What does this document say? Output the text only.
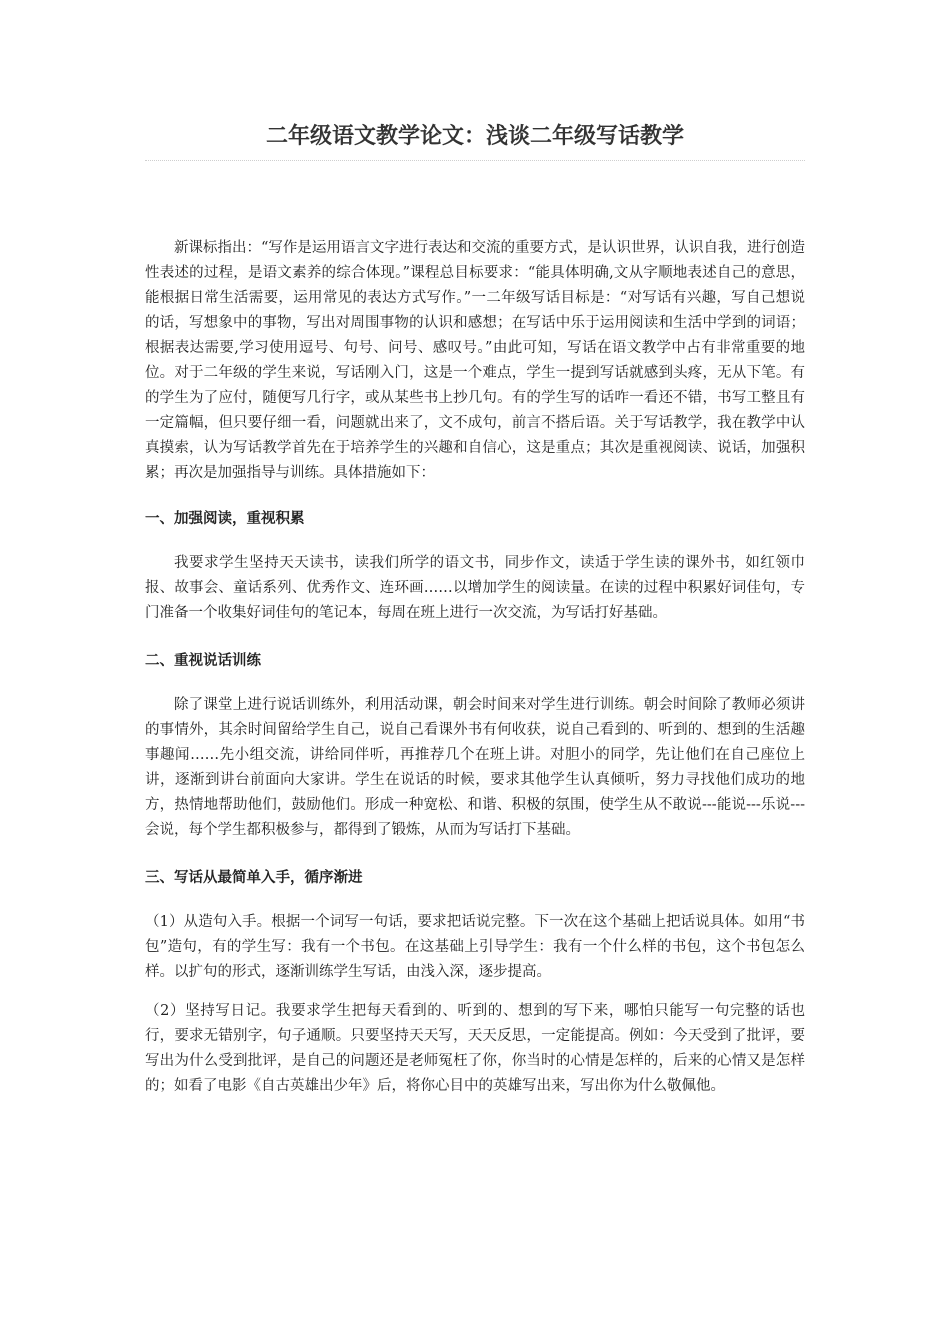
二年级语文教学论文：浅谈二年级写话教学

新课标指出：“写作是运用语言文字进行表达和交流的重要方式，是认识世界，认识自我，进行创造性表述的过程，是语文素养的综合体现。”课程总目标要求：“能具体明确,文从字顺地表述自己的意思，能根据日常生活需要，运用常见的表达方式写作。”一二年级写话目标是：“对写话有兴趣，写自己想说的话，写想象中的事物，写出对周围事物的认识和感想；在写话中乐于运用阅读和生活中学到的词语；根据表达需要,学习使用逗号、句号、问号、感叹号。”由此可知，写话在语文教学中占有非常重要的地位。对于二年级的学生来说，写话刚入门，这是一个难点，学生一提到写话就感到头疼，无从下笔。有的学生为了应付，随便写几行字，或从某些书上抄几句。有的学生写的话咋一看还不错，书写工整且有一定篇幅，但只要仔细一看，问题就出来了，文不成句，前言不搭后语。关于写话教学，我在教学中认真摸索，认为写话教学首先在于培养学生的兴趣和自信心，这是重点；其次是重视阅读、说话，加强积累；再次是加强指导与训练。具体措施如下：

一、加强阅读，重视积累

我要求学生坚持天天读书，读我们所学的语文书，同步作文，读适于学生读的课外书，如红领巾报、故事会、童话系列、优秀作文、连环画……以增加学生的阅读量。在读的过程中积累好词佳句，专门准备一个收集好词佳句的笔记本，每周在班上进行一次交流，为写话打好基础。

二、重视说话训练

除了课堂上进行说话训练外，利用活动课，朝会时间来对学生进行训练。朝会时间除了教师必须讲的事情外，其余时间留给学生自己，说自己看课外书有何收获，说自己看到的、听到的、想到的生活趣事趣闻……先小组交流，讲给同伴听，再推荐几个在班上讲。对胆小的同学，先让他们在自己座位上讲，逐渐到讲台前面向大家讲。学生在说话的时候，要求其他学生认真倾听，努力寻找他们成功的地方，热情地帮助他们，鼓励他们。形成一种宽松、和谐、积极的氛围，使学生从不敢说---能说---乐说---会说，每个学生都积极参与，都得到了锻炼，从而为写话打下基础。

三、写话从最简单入手，循序渐进

（1）从造句入手。根据一个词写一句话，要求把话说完整。下一次在这个基础上把话说具体。如用“书包”造句，有的学生写：我有一个书包。在这基础上引导学生：我有一个什么样的书包，这个书包怎么样。以扩句的形式，逐渐训练学生写话，由浅入深，逐步提高。

（2）坚持写日记。我要求学生把每天看到的、听到的、想到的写下来，哪怕只能写一句完整的话也行，要求无错别字，句子通顺。只要坚持天天写，天天反思，一定能提高。例如：今天受到了批评，要写出为什么受到批评，是自己的问题还是老师冤枉了你，你当时的心情是怎样的，后来的心情又是怎样的；如看了电影《自古英雄出少年》后，将你心目中的英雄写出来，写出你为什么敬佩他。
